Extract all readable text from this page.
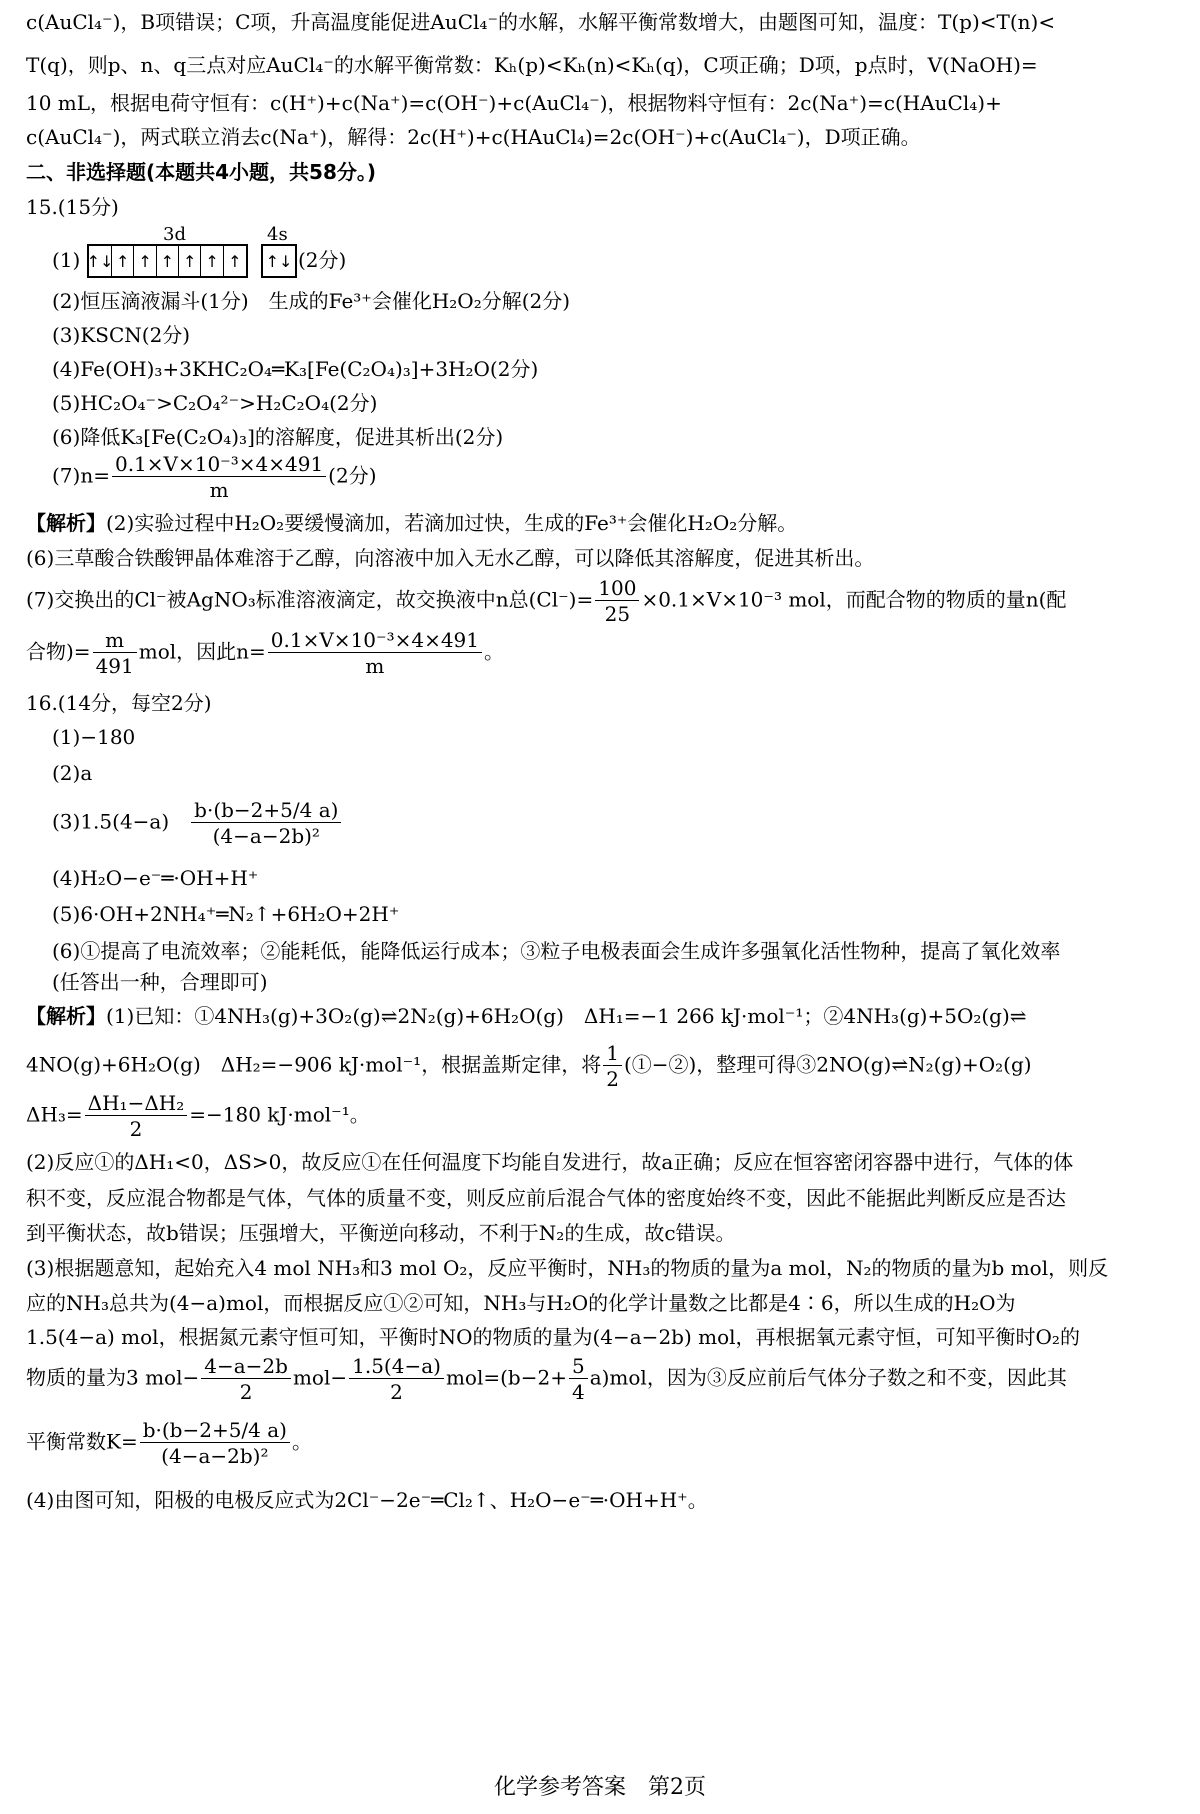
c(AuCl₄⁻)，B项错误；C项，升高温度能促进AuCl₄⁻的水解，水解平衡常数增大，由题图可知，温度：T(p)<T(n)<
T(q)，则p、n、q三点对应AuCl₄⁻的水解平衡常数：Kₕ(p)<Kₕ(n)<Kₕ(q)，C项正确；D项，p点时，V(NaOH)=
10 mL，根据电荷守恒有：c(H⁺)+c(Na⁺)=c(OH⁻)+c(AuCl₄⁻)，根据物料守恒有：2c(Na⁺)=c(HAuCl₄)+
c(AuCl₄⁻)，两式联立消去c(Na⁺)，解得：2c(H⁺)+c(HAuCl₄)=2c(OH⁻)+c(AuCl₄⁻)，D项正确。
二、非选择题(本题共4小题，共58分。)
15.(15分)
(1)
3d
↑↓ ↑ ↑ ↑ ↑ ↑ ↑
4s
↑↓ (2分)
(2)恒压滴液漏斗(1分)　生成的Fe³⁺会催化H₂O₂分解(2分)
(3)KSCN(2分)
(4)Fe(OH)₃+3KHC₂O₄═K₃[Fe(C₂O₄)₃]+3H₂O(2分)
(5)HC₂O₄⁻>C₂O₄²⁻>H₂C₂O₄(2分)
(6)降低K₃[Fe(C₂O₄)₃]的溶解度，促进其析出(2分)
$(7)n= \frac{\text{0.1×V×10⁻³×4×491}}{m} (2$分)
【解析】(2)实验过程中H₂O₂要缓慢滴加，若滴加过快，生成的Fe³⁺会催化H₂O₂分解。
(6)三草酸合铁酸钾晶体难溶于乙醇，向溶液中加入无水乙醇，可以降低其溶解度，促进其析出。
(7)交换出的Cl⁻被AgNO₃标准溶液滴定，故交换液中n总$(Cl^-)= \frac{100}{25} \times 0.1\times V\times 10^{-3}$ mol，而配合物的物质的量n(配
合物)= $\frac{m}{491}$ mol，因此$n= \frac{\text{0.1×V×10⁻³×4×491}}{m}$ 。
16.(14分，每空2分)
(1)−180
(2)a
(3)1.5(4−a)　 $\frac{b\cdot(b-2+5/4 a)}{\text{(4−a−2b)²}}$
(4)H₂O−e⁻═·OH+H⁺
(5)6·OH+2NH₄⁺═N₂↑+6H₂O+2H⁺
(6)①提高了电流效率；②能耗低，能降低运行成本；③粒子电极表面会生成许多强氧化活性物种，提高了氧化效率
(任答出一种，合理即可)
【解析】(1)已知：①4NH₃(g)+3O₂(g)⇌2N₂(g)+6H₂O(g)　ΔH₁=−1 266 kJ·mol⁻¹；②4NH₃(g)+5O₂(g)⇌
4NO(g)+6H₂O(g)　ΔH₂=−906 kJ·mol⁻¹，根据盖斯定律，将 $\frac{1}{2}$ (①−②)，整理可得③2NO(g)⇌N₂(g)+O₂(g)
$\Delta H_3= \frac{\text{ΔH₁−ΔH₂}}{2} =-180$ kJ·mol⁻¹。
(2)反应①的ΔH₁<0，ΔS>0，故反应①在任何温度下均能自发进行，故a正确；反应在恒容密闭容器中进行，气体的体
积不变，反应混合物都是气体，气体的质量不变，则反应前后混合气体的密度始终不变，因此不能据此判断反应是否达
到平衡状态，故b错误；压强增大，平衡逆向移动，不利于N₂的生成，故c错误。
(3)根据题意知，起始充入4 mol NH₃和3 mol O₂，反应平衡时，NH₃的物质的量为a mol，N₂的物质的量为b mol，则反
应的NH₃总共为(4−a)mol，而根据反应①②可知，NH₃与H₂O的化学计量数之比都是4∶6，所以生成的H₂O为
1.5(4−a) mol，根据氮元素守恒可知，平衡时NO的物质的量为(4−a−2b) mol，再根据氧元素守恒，可知平衡时O₂的
物质的量为3 $mol- \frac{4-a-2b}{2} mol- \frac{1.5(4-a)}{2} mol=(b-2+ \frac{5}{4} a)mol$，因为③反应前后气体分子数之和不变，因此其
平衡常数$K= \frac{b\cdot(b-2+5/4 a)}{\text{(4−a−2b)²}}$ 。
(4)由图可知，阳极的电极反应式为2Cl⁻−2e⁻═Cl₂↑、H₂O−e⁻═·OH+H⁺。
化学参考答案　第2页
